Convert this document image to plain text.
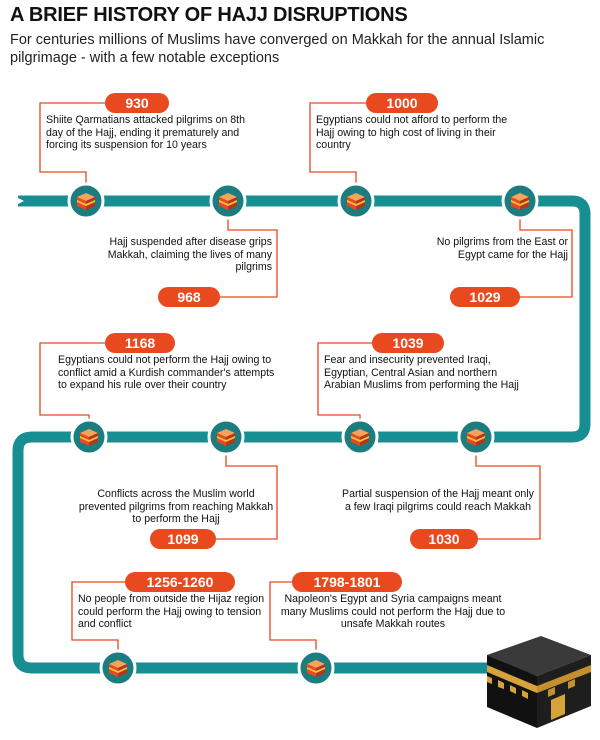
A BRIEF HISTORY OF HAJJ DISRUPTIONS

For centuries millions of Muslims have converged on Makkah for the annual Islamic pilgrimage - with a few notable exceptions

930
Shiite Qarmatians attacked pilgrims on 8th day of the Hajj, ending it prematurely and forcing its suspension for 10 years
Hajj suspended after disease grips Makkah, claiming the lives of many pilgrims
968
1000
Egyptians could not afford to perform the Hajj owing to high cost of living in their country
No pilgrims from the East or Egypt came for the Hajj
1029
Partial suspension of the Hajj meant only a few Iraqi pilgrims could reach Makkah
1030
1039
Fear and insecurity prevented Iraqi, Egyptian, Central Asian and northern Arabian Muslims from performing the Hajj
Conflicts across the Muslim world prevented pilgrims from reaching Makkah to perform the Hajj
1099
1168
Egyptians could not perform the Hajj owing to conflict amid a Kurdish commander's attempts to expand his rule over their country
1256-1260
No people from outside the Hijaz region could perform the Hajj owing to tension and conflict
1798-1801
Napoleon's Egypt and Syria campaigns meant many Muslims could not perform the Hajj due to unsafe Makkah routes
